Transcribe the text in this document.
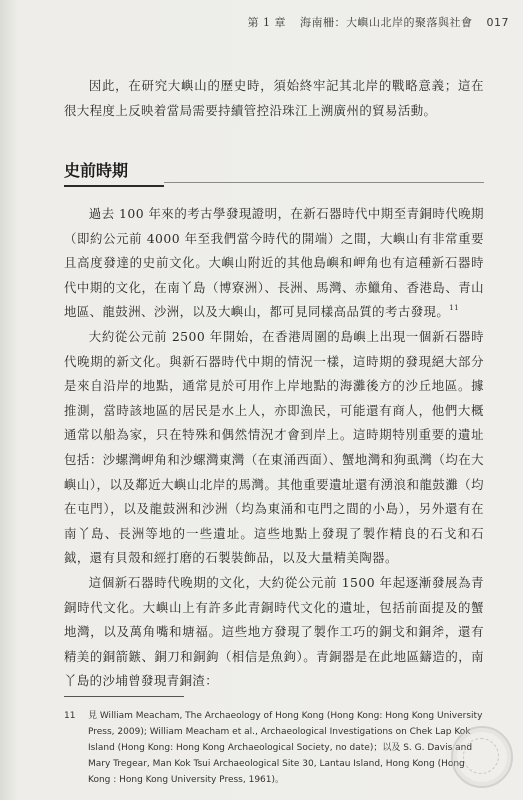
第 1 章 海南柵：大嶼山北岸的聚落與社會 017

因此，在研究大嶼山的歷史時，須始終牢記其北岸的戰略意義；這在很大程度上反映着當局需要持續管控沿珠江上溯廣州的貿易活動。

史前時期

過去 100 年來的考古學發現證明，在新石器時代中期至青銅時代晚期（即約公元前 4000 年至我們當今時代的開端）之間，大嶼山有非常重要且高度發達的史前文化。大嶼山附近的其他島嶼和岬角也有這種新石器時代中期的文化，在南丫島（博寮洲）、長洲、馬灣、赤鱲角、香港島、青山地區、龍鼓洲、沙洲，以及大嶼山，都可見同樣高品質的考古發現。$^{11}$

大約從公元前 2500 年開始，在香港周圍的島嶼上出現一個新石器時代晚期的新文化。與新石器時代中期的情況一樣，這時期的發現絕大部分是來自沿岸的地點，通常見於可用作上岸地點的海灘後方的沙丘地區。據推測，當時該地區的居民是水上人，亦即漁民，可能還有商人，他們大概通常以船為家，只在特殊和偶然情況才會到岸上。這時期特別重要的遺址包括：沙螺灣岬角和沙螺灣東灣（在東涌西面）、蟹地灣和狗虱灣（均在大嶼山），以及鄰近大嶼山北岸的馬灣。其他重要遺址還有湧浪和龍鼓灘（均在屯門），以及龍鼓洲和沙洲（均為東涌和屯門之間的小島），另外還有在南丫島、長洲等地的一些遺址。這些地點上發現了製作精良的石戈和石鉞，還有貝殼和經打磨的石製裝飾品，以及大量精美陶器。

這個新石器時代晚期的文化，大約從公元前 1500 年起逐漸發展為青銅時代文化。大嶼山上有許多此青銅時代文化的遺址，包括前面提及的蟹地灣，以及萬角嘴和塘福。這些地方發現了製作工巧的銅戈和銅斧，還有精美的銅箭鏃、銅刀和銅鉤（相信是魚鉤）。青銅器是在此地區鑄造的，南丫島的沙埔曾發現青銅渣：

11 見 William Meacham, The Archaeology of Hong Kong (Hong Kong: Hong Kong University Press, 2009); William Meacham et al., Archaeological Investigations on Chek Lap Kok Island (Hong Kong: Hong Kong Archaeological Society, no date)；以及 S. G. Davis and Mary Tregear, Man Kok Tsui Archaeological Site 30, Lantau Island, Hong Kong (Hong Kong : Hong Kong University Press, 1961)。
